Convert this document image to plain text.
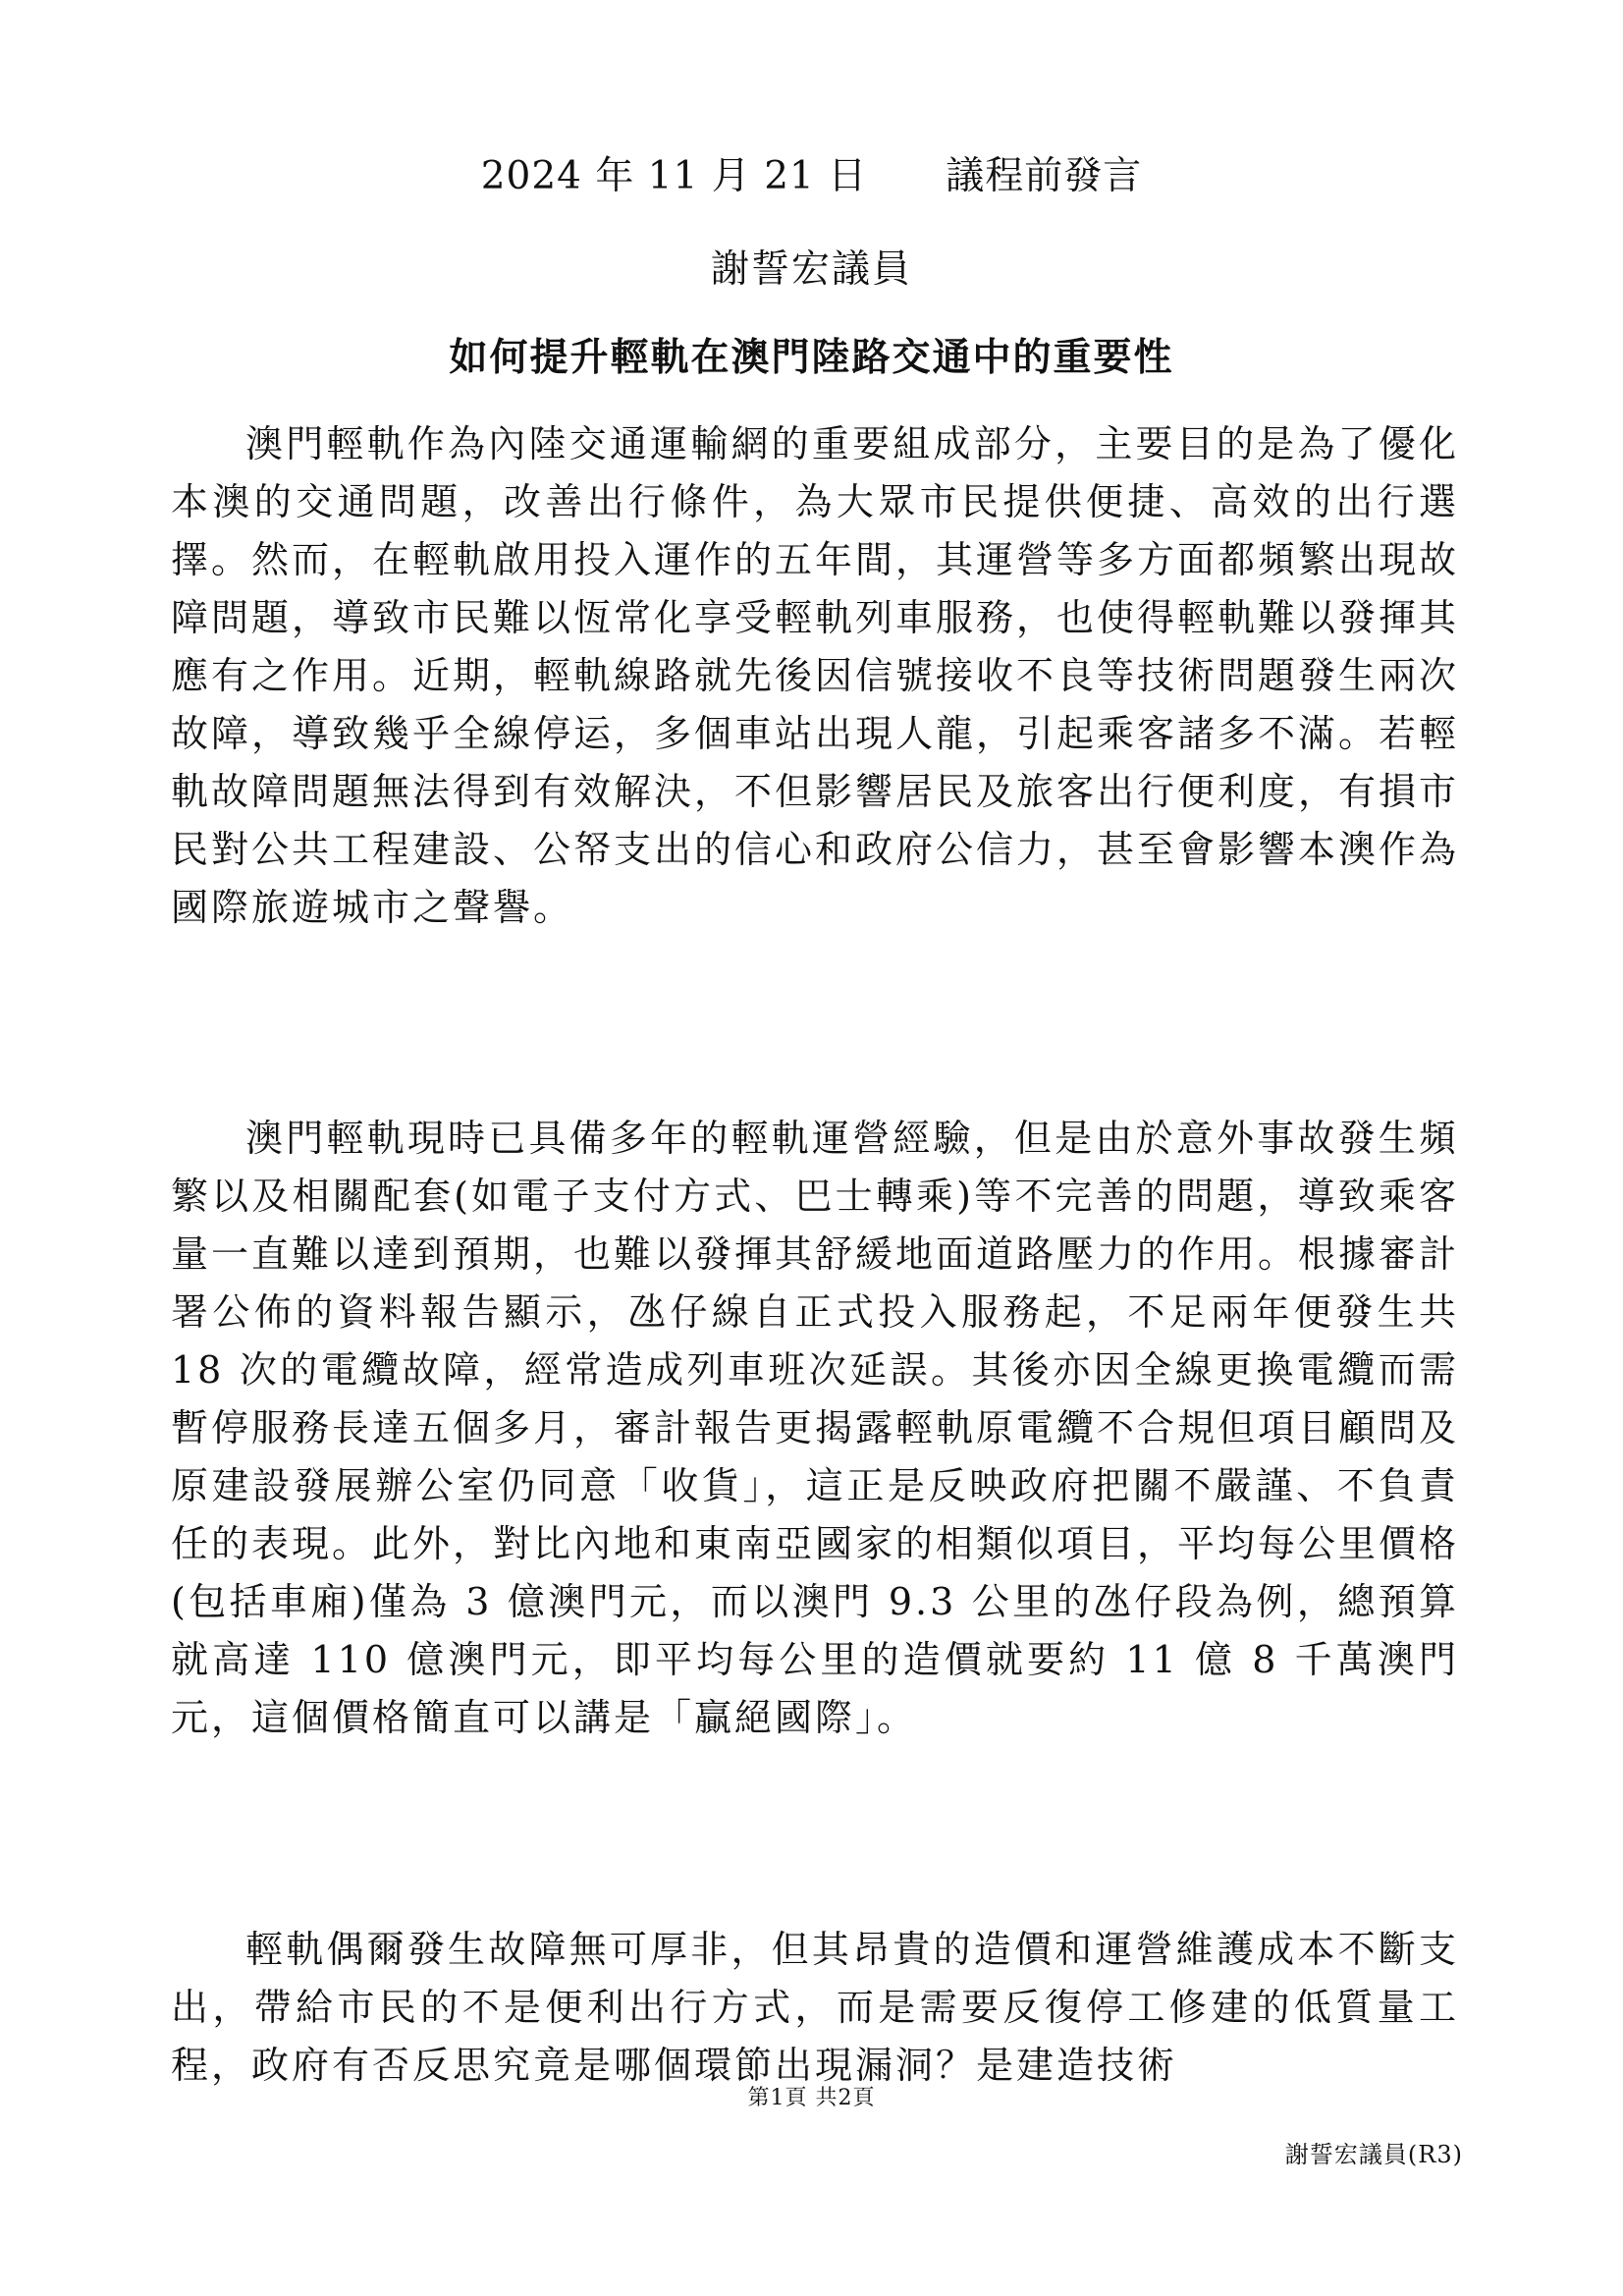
2024 年 11 月 21 日 議程前發言
謝誓宏議員
如何提升輕軌在澳門陸路交通中的重要性

澳門輕軌作為內陸交通運輸網的重要組成部分，主要目的是為了優化本澳的交通問題，改善出行條件，為大眾市民提供便捷、高效的出行選擇。然而，在輕軌啟用投入運作的五年間，其運營等多方面都頻繁出現故障問題，導致市民難以恆常化享受輕軌列車服務，也使得輕軌難以發揮其應有之作用。近期，輕軌線路就先後因信號接收不良等技術問題發生兩次故障，導致幾乎全線停运，多個車站出現人龍，引起乘客諸多不滿。若輕軌故障問題無法得到有效解決，不但影響居民及旅客出行便利度，有損市民對公共工程建設、公帑支出的信心和政府公信力，甚至會影響本澳作為國際旅遊城市之聲譽。

澳門輕軌現時已具備多年的輕軌運營經驗，但是由於意外事故發生頻繁以及相關配套(如電子支付方式、巴士轉乘)等不完善的問題，導致乘客量一直難以達到預期，也難以發揮其舒緩地面道路壓力的作用。根據審計署公佈的資料報告顯示，氹仔線自正式投入服務起，不足兩年便發生共 18 次的電纜故障，經常造成列車班次延誤。其後亦因全線更換電纜而需暫停服務長達五個多月，審計報告更揭露輕軌原電纜不合規但項目顧問及原建設發展辦公室仍同意「收貨」，這正是反映政府把關不嚴謹、不負責任的表現。此外，對比內地和東南亞國家的相類似項目，平均每公里價格(包括車廂)僅為 3 億澳門元，而以澳門 9.3 公里的氹仔段為例，總預算就高達 110 億澳門元，即平均每公里的造價就要約 11 億 8 千萬澳門元，這個價格簡直可以講是「贏絕國際」。

輕軌偶爾發生故障無可厚非，但其昂貴的造價和運營維護成本不斷支出，帶給市民的不是便利出行方式，而是需要反復停工修建的低質量工程，政府有否反思究竟是哪個環節出現漏洞？是建造技術

第1頁 共2頁
謝誓宏議員(R3)
